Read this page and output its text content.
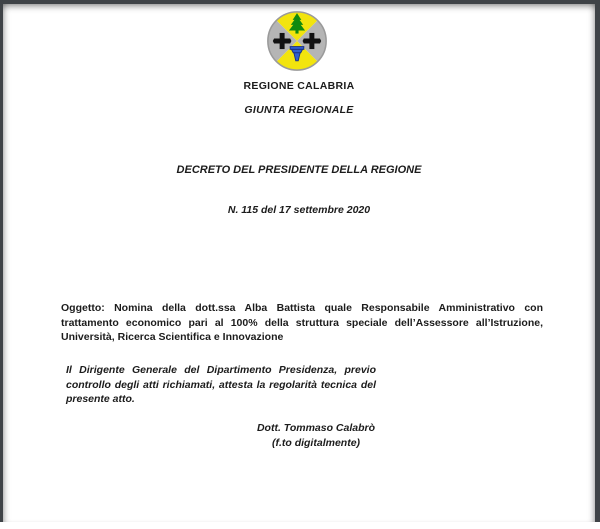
REGIONE CALABRIA
GIUNTA REGIONALE
DECRETO DEL PRESIDENTE DELLA REGIONE
N. 115 del 17 settembre 2020
Oggetto: Nomina della dott.ssa Alba Battista quale Responsabile Amministrativo con trattamento economico pari al 100% della struttura speciale dell’Assessore all’Istruzione, Università, Ricerca Scientifica e Innovazione
Il Dirigente Generale del Dipartimento Presidenza, previo controllo degli atti richiamati, attesta la regolarità tecnica del presente atto.
Dott. Tommaso Calabrò
(f.to digitalmente)
